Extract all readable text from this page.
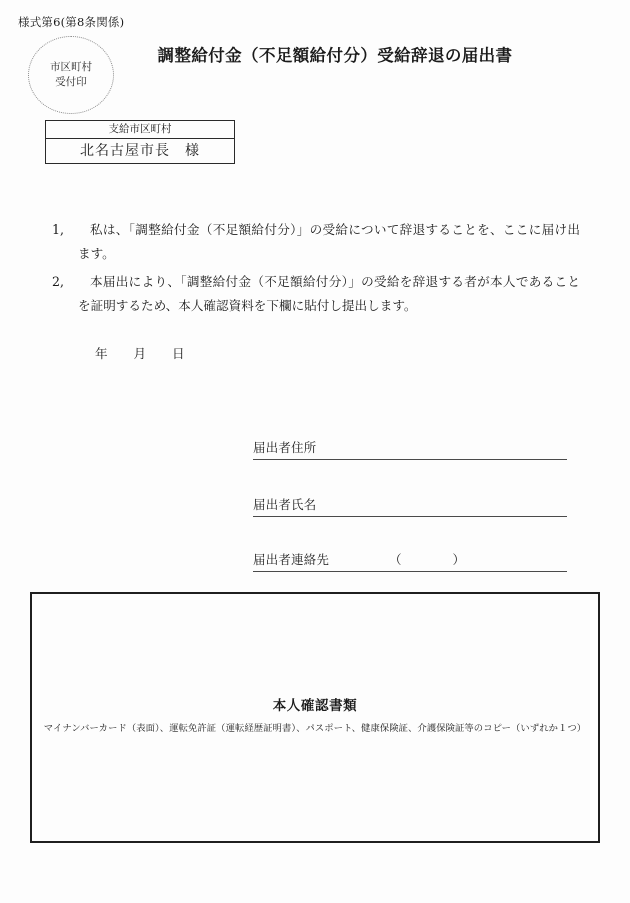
様式第6(第8条関係)
市区町村
受付印
調整給付金（不足額給付分）受給辞退の届出書
支給市区町村
北名古屋市長　様
1,	私は、「調整給付金（不足額給付分）」の受給について辞退することを、ここに届け出ます。
2,	本届出により、「調整給付金（不足額給付分）」の受給を辞退する者が本人であることを証明するため、本人確認資料を下欄に貼付し提出します。
年 月 日
届出者住所
届出者氏名
届出者連絡先	（　　　　）
本人確認書類
マイナンバーカード（表面）、運転免許証（運転経歴証明書）、パスポート、健康保険証、介護保険証等のコピー（いずれか１つ）
